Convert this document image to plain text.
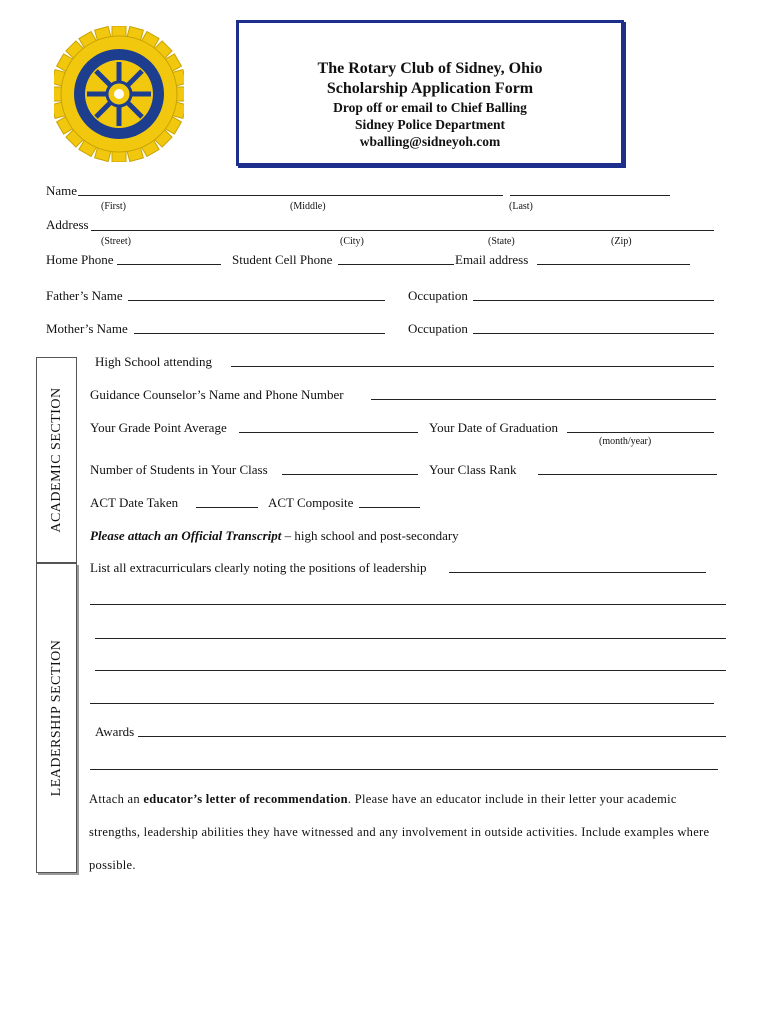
The Rotary Club of Sidney, Ohio
Scholarship Application Form
Drop off or email to Chief Balling
Sidney Police Department
wballing@sidneyoh.com
Name
(First)	(Middle)	(Last)
Address
(Street)	(City)	(State)	(Zip)
Home Phone	Student Cell Phone	Email address
Father’s Name	Occupation
Mother’s Name	Occupation
ACADEMIC SECTION
LEADERSHIP SECTION
High School attending
Guidance Counselor’s Name and Phone Number
Your Grade Point Average	Your Date of Graduation
(month/year)
Number of Students in Your Class	Your Class Rank
ACT Date Taken	ACT Composite
Please attach an Official Transcript – high school and post-secondary
List all extracurriculars clearly noting the positions of leadership
Awards
Attach an educator’s letter of recommendation. Please have an educator include in their letter your academic strengths, leadership abilities they have witnessed and any involvement in outside activities. Include examples where possible.
